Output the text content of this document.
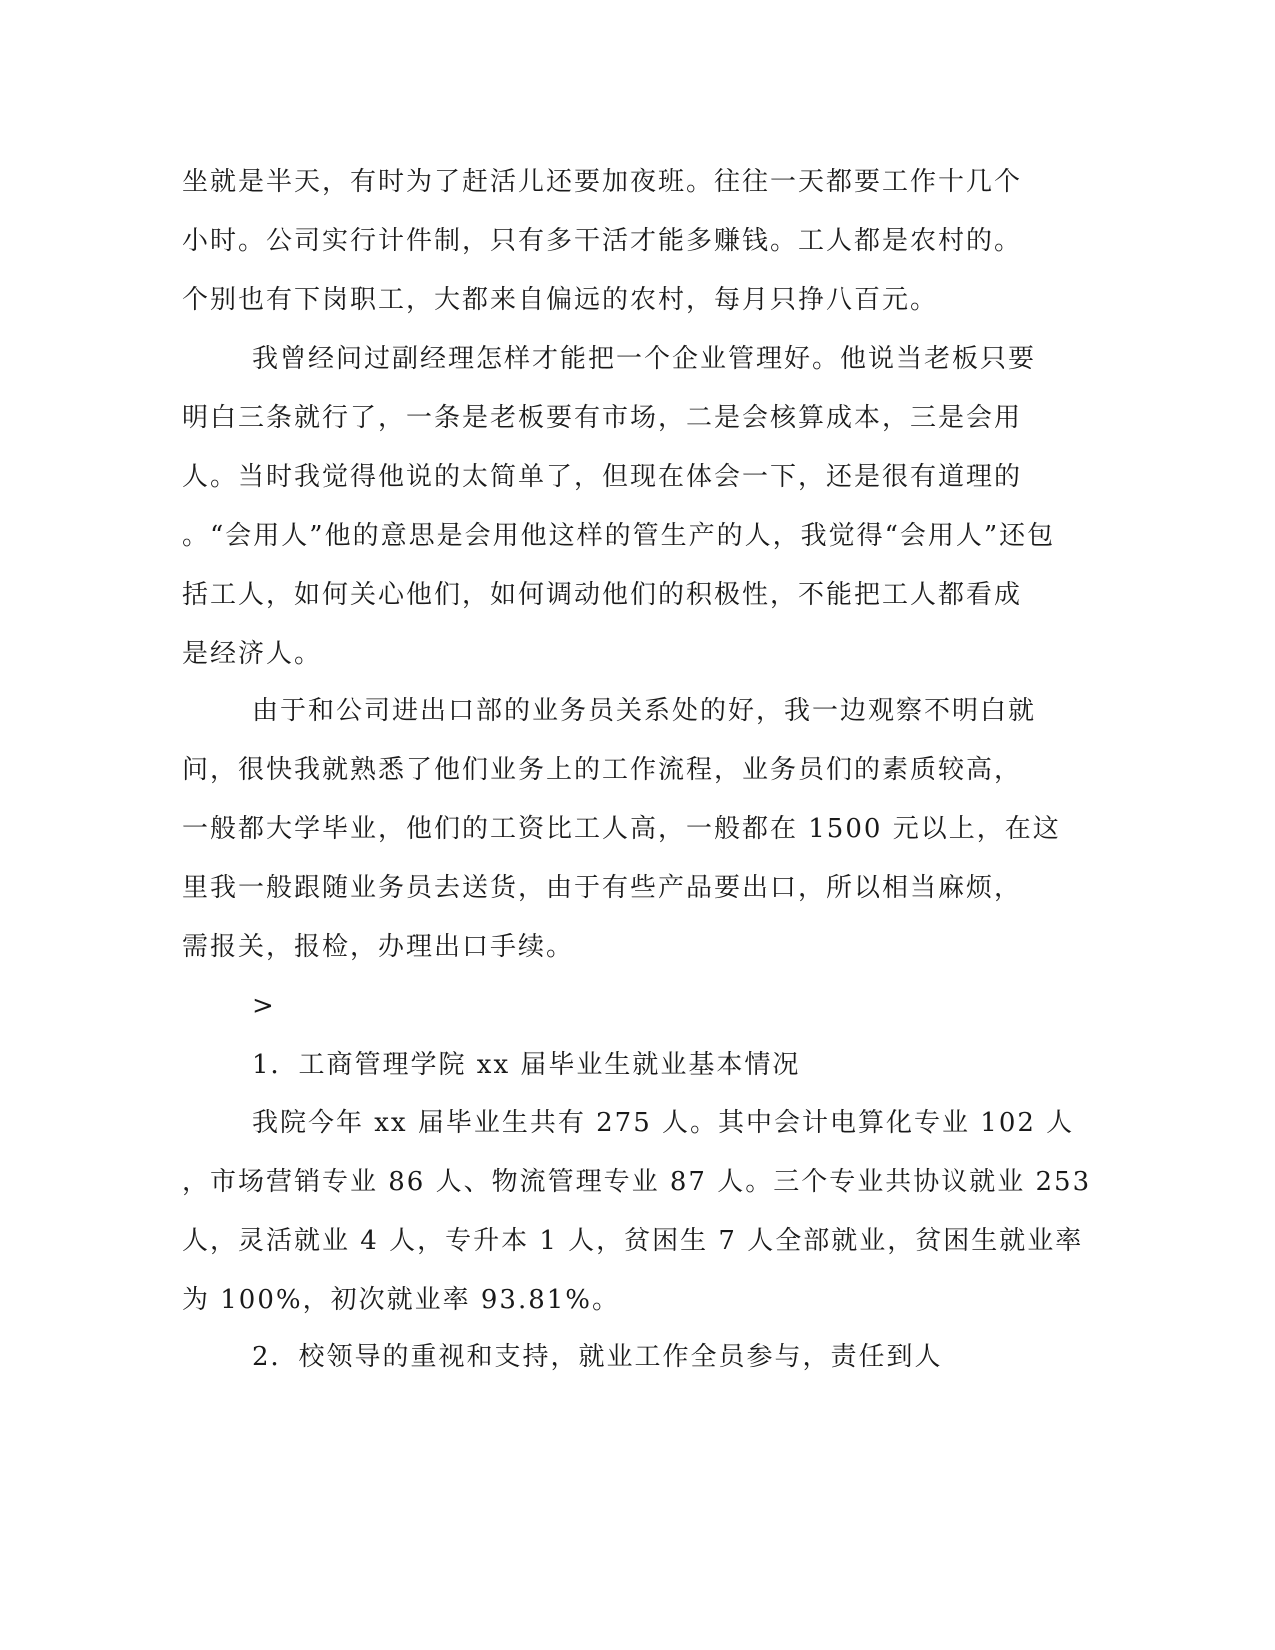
坐就是半天，有时为了赶活儿还要加夜班。往往一天都要工作十几个
小时。公司实行计件制，只有多干活才能多赚钱。工人都是农村的。
个别也有下岗职工，大都来自偏远的农村，每月只挣八百元。
我曾经问过副经理怎样才能把一个企业管理好。他说当老板只要
明白三条就行了，一条是老板要有市场，二是会核算成本，三是会用
人。当时我觉得他说的太简单了，但现在体会一下，还是很有道理的
。“会用人”他的意思是会用他这样的管生产的人，我觉得“会用人”还包
括工人，如何关心他们，如何调动他们的积极性，不能把工人都看成
是经济人。
由于和公司进出口部的业务员关系处的好，我一边观察不明白就
问，很快我就熟悉了他们业务上的工作流程，业务员们的素质较高，
一般都大学毕业，他们的工资比工人高，一般都在 1500 元以上，在这
里我一般跟随业务员去送货，由于有些产品要出口，所以相当麻烦，
需报关，报检，办理出口手续。
>
1．工商管理学院 xx 届毕业生就业基本情况
我院今年 xx 届毕业生共有 275 人。其中会计电算化专业 102 人
，市场营销专业 86 人、物流管理专业 87 人。三个专业共协议就业 253
人，灵活就业 4 人，专升本 1 人，贫困生 7 人全部就业，贫困生就业率
为 100%，初次就业率 93.81%。
2．校领导的重视和支持，就业工作全员参与，责任到人
